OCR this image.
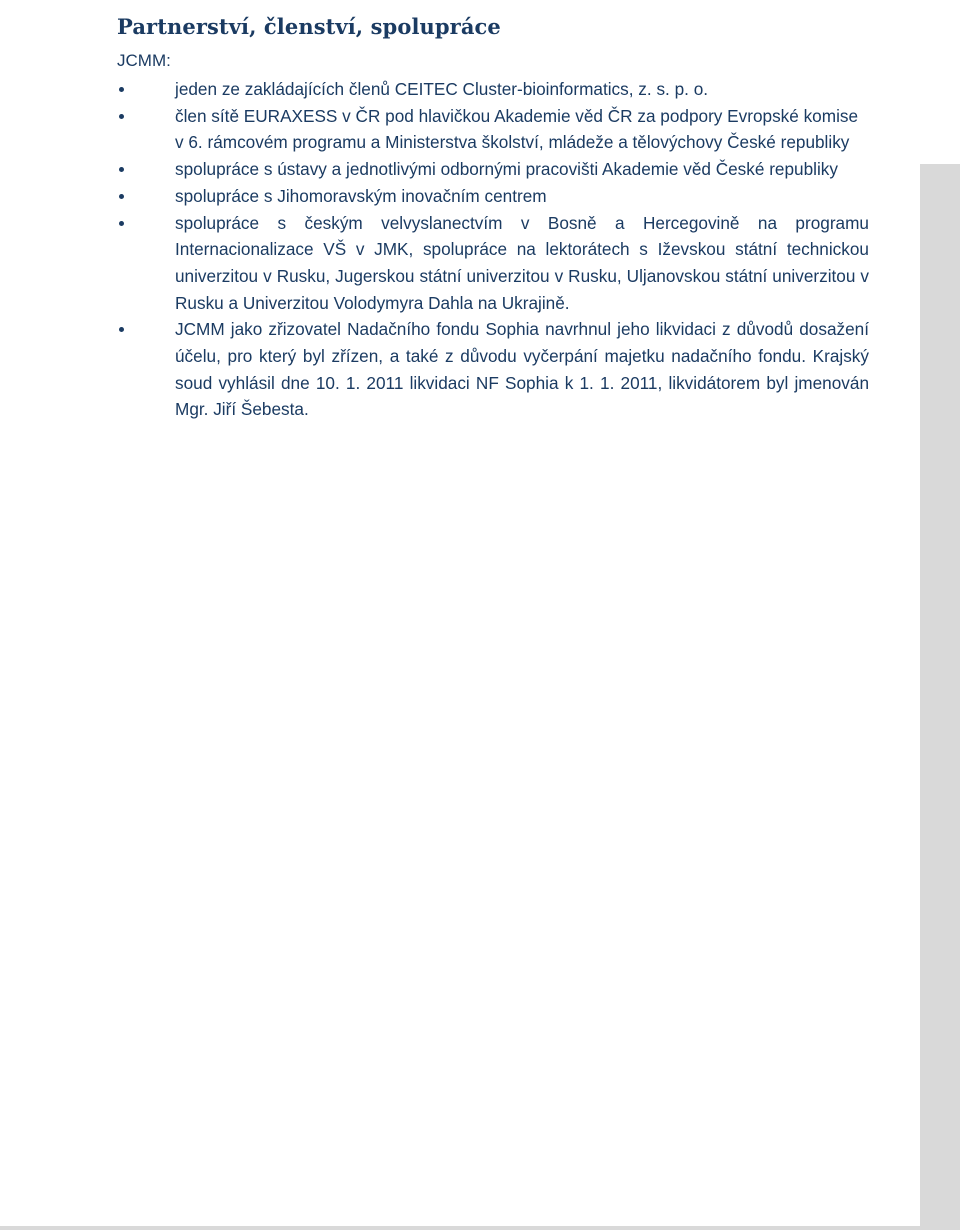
Partnerství, členství, spolupráce
JCMM:
jeden ze zakládajících členů CEITEC Cluster-bioinformatics, z. s. p. o.
člen sítě EURAXESS v ČR pod hlavičkou Akademie věd ČR za podpory Evropské komise v 6. rámcovém programu a Ministerstva školství, mládeže a tělovýchovy České republiky
spolupráce s ústavy a jednotlivými odbornými pracovišti Akademie věd České republiky
spolupráce s Jihomoravským inovačním centrem
spolupráce s českým velvyslanectvím v Bosně a Hercegovině na programu Internacionalizace VŠ v JMK, spolupráce na lektorátech s Iževskou státní technickou univerzitou v Rusku, Jugerskou státní univerzitou v Rusku, Uljanovskou státní univerzitou v Rusku a Univerzitou Volodymyra Dahla na Ukrajině.
JCMM jako zřizovatel Nadačního fondu Sophia navrhnul jeho likvidaci z důvodů dosažení účelu, pro který byl zřízen, a také z důvodu vyčerpání majetku nadačního fondu. Krajský soud vyhlásil dne 10. 1. 2011 likvidaci NF Sophia k 1. 1. 2011, likvidátorem byl jmenován Mgr. Jiří Šebesta.
